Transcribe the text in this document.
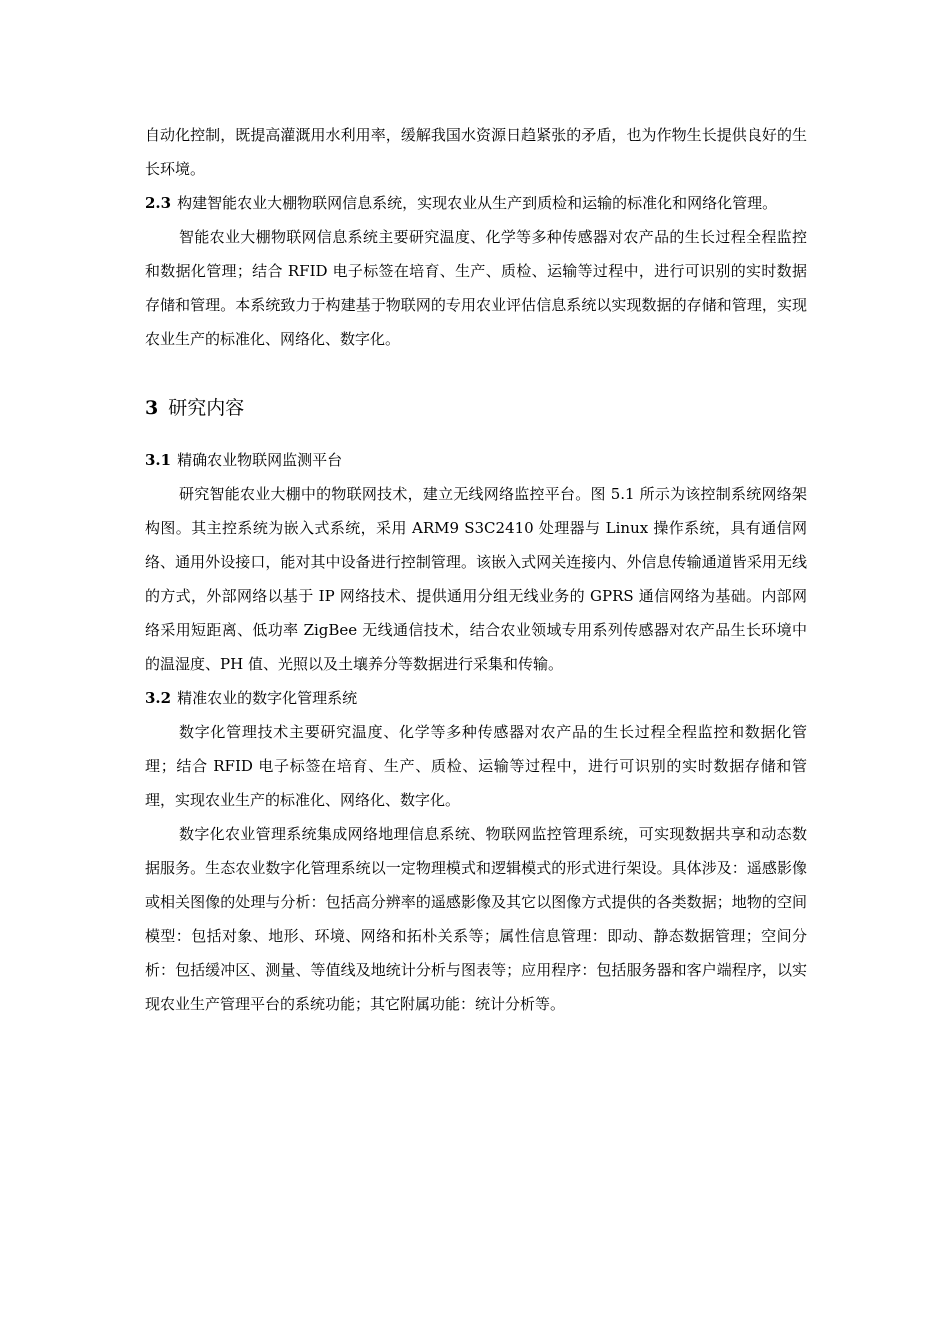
自动化控制，既提高灌溉用水利用率，缓解我国水资源日趋紧张的矛盾，也为作物生长提供良好的生长环境。

2.3 构建智能农业大棚物联网信息系统，实现农业从生产到质检和运输的标准化和网络化管理。

智能农业大棚物联网信息系统主要研究温度、化学等多种传感器对农产品的生长过程全程监控和数据化管理；结合 RFID 电子标签在培育、生产、质检、运输等过程中，进行可识别的实时数据存储和管理。本系统致力于构建基于物联网的专用农业评估信息系统以实现数据的存储和管理，实现农业生产的标准化、网络化、数字化。

3 研究内容
3.1 精确农业物联网监测平台

研究智能农业大棚中的物联网技术，建立无线网络监控平台。图 5.1 所示为该控制系统网络架构图。其主控系统为嵌入式系统，采用 ARM9 S3C2410 处理器与 Linux 操作系统，具有通信网络、通用外设接口，能对其中设备进行控制管理。该嵌入式网关连接内、外信息传输通道皆采用无线的方式，外部网络以基于 IP 网络技术、提供通用分组无线业务的 GPRS 通信网络为基础。内部网络采用短距离、低功率 ZigBee 无线通信技术，结合农业领域专用系列传感器对农产品生长环境中的温湿度、PH 值、光照以及土壤养分等数据进行采集和传输。

3.2 精准农业的数字化管理系统

数字化管理技术主要研究温度、化学等多种传感器对农产品的生长过程全程监控和数据化管理；结合 RFID 电子标签在培育、生产、质检、运输等过程中，进行可识别的实时数据存储和管理，实现农业生产的标准化、网络化、数字化。

数字化农业管理系统集成网络地理信息系统、物联网监控管理系统，可实现数据共享和动态数据服务。生态农业数字化管理系统以一定物理模式和逻辑模式的形式进行架设。具体涉及：遥感影像或相关图像的处理与分析：包括高分辨率的遥感影像及其它以图像方式提供的各类数据；地物的空间模型：包括对象、地形、环境、网络和拓朴关系等；属性信息管理：即动、静态数据管理；空间分析：包括缓冲区、测量、等值线及地统计分析与图表等；应用程序：包括服务器和客户端程序，以实现农业生产管理平台的系统功能；其它附属功能：统计分析等。
